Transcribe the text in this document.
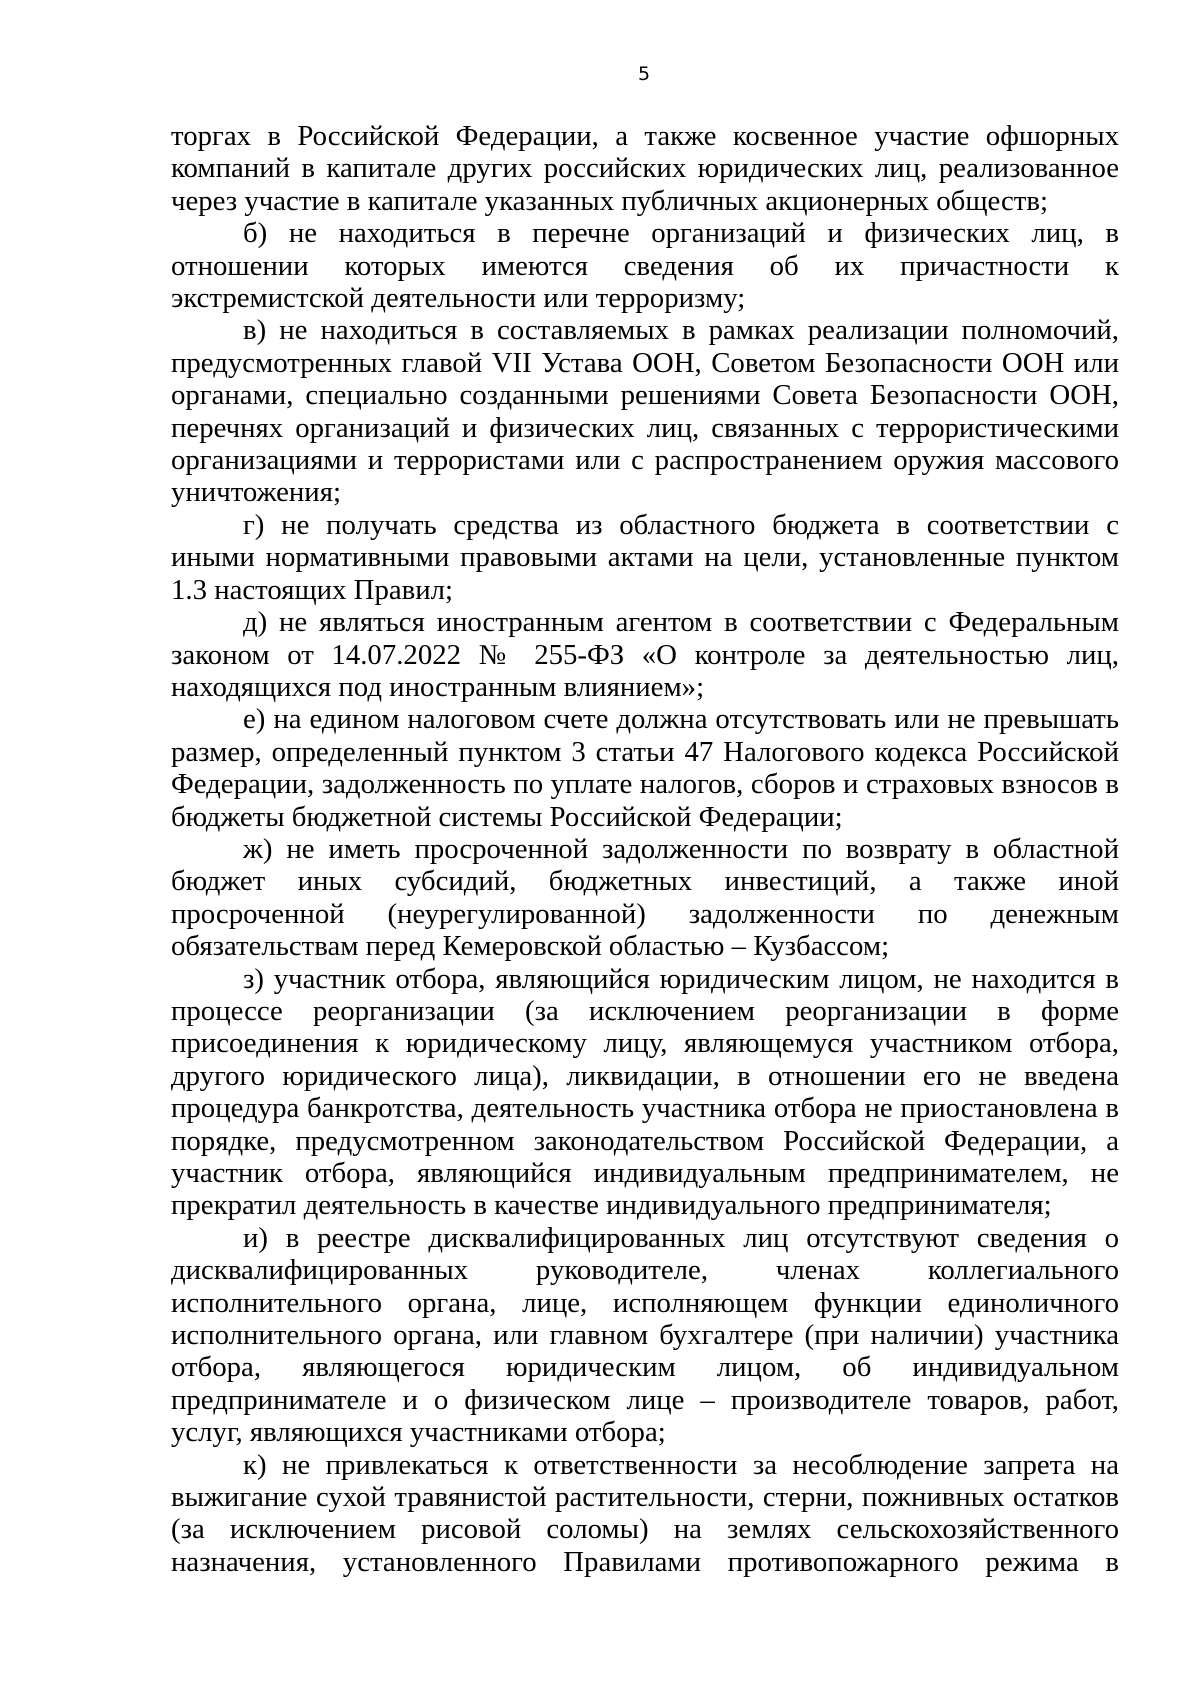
5

торгах в Российской Федерации, а также косвенное участие офшорных компаний в капитале других российских юридических лиц, реализованное через участие в капитале указанных публичных акционерных обществ;

б) не находиться в перечне организаций и физических лиц, в отношении которых имеются сведения об их причастности к экстремистской деятельности или терроризму;

в) не находиться в составляемых в рамках реализации полномочий, предусмотренных главой VII Устава ООН, Советом Безопасности ООН или органами, специально созданными решениями Совета Безопасности ООН, перечнях организаций и физических лиц, связанных с террористическими организациями и террористами или с распространением оружия массового уничтожения;

г) не получать средства из областного бюджета в соответствии с иными нормативными правовыми актами на цели, установленные пунктом 1.3 настоящих Правил;

д) не являться иностранным агентом в соответствии с Федеральным законом от 14.07.2022 № 255-ФЗ «О контроле за деятельностью лиц, находящихся под иностранным влиянием»;

е) на едином налоговом счете должна отсутствовать или не превышать размер, определенный пунктом 3 статьи 47 Налогового кодекса Российской Федерации, задолженность по уплате налогов, сборов и страховых взносов в бюджеты бюджетной системы Российской Федерации;

ж) не иметь просроченной задолженности по возврату в областной бюджет иных субсидий, бюджетных инвестиций, а также иной просроченной (неурегулированной) задолженности по денежным обязательствам перед Кемеровской областью – Кузбассом;

з) участник отбора, являющийся юридическим лицом, не находится в процессе реорганизации (за исключением реорганизации в форме присоединения к юридическому лицу, являющемуся участником отбора, другого юридического лица), ликвидации, в отношении его не введена процедура банкротства, деятельность участника отбора не приостановлена в порядке, предусмотренном законодательством Российской Федерации, а участник отбора, являющийся индивидуальным предпринимателем, не прекратил деятельность в качестве индивидуального предпринимателя;

и) в реестре дисквалифицированных лиц отсутствуют сведения о дисквалифицированных руководителе, членах коллегиального исполнительного органа, лице, исполняющем функции единоличного исполнительного органа, или главном бухгалтере (при наличии) участника отбора, являющегося юридическим лицом, об индивидуальном предпринимателе и о физическом лице – производителе товаров, работ, услуг, являющихся участниками отбора;

к) не привлекаться к ответственности за несоблюдение запрета на выжигание сухой травянистой растительности, стерни, пожнивных остатков (за исключением рисовой соломы) на землях сельскохозяйственного назначения, установленного Правилами противопожарного режима в
